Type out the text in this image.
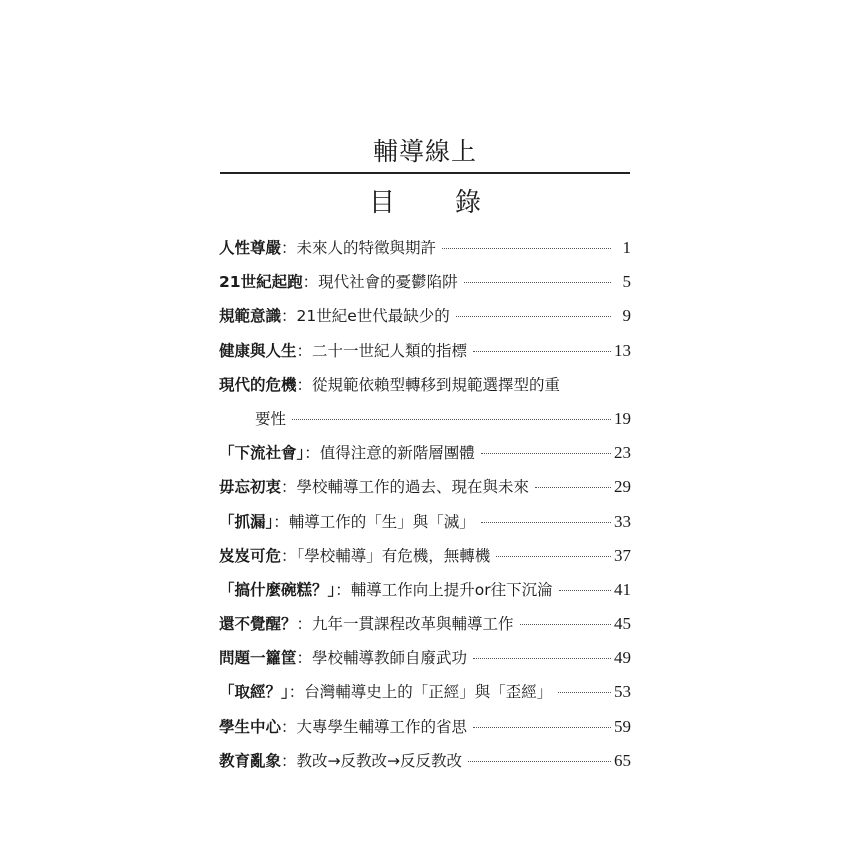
輔導線上
目 錄
人性尊嚴：未來人的特徵與期許	1
21世紀起跑：現代社會的憂鬱陷阱	5
規範意識：21世紀e世代最缺少的	9
健康與人生：二十一世紀人類的指標	13
現代的危機：從規範依賴型轉移到規範選擇型的重
要性	19
「下流社會」：值得注意的新階層團體	23
毋忘初衷：學校輔導工作的過去、現在與未來	29
「抓漏」：輔導工作的「生」與「滅」	33
岌岌可危：「學校輔導」有危機，無轉機	37
「搞什麼碗糕？」：輔導工作向上提升or往下沉淪	41
還不覺醒？：九年一貫課程改革與輔導工作	45
問題一籮筐：學校輔導教師自廢武功	49
「取經？」：台灣輔導史上的「正經」與「歪經」	53
學生中心：大專學生輔導工作的省思	59
教育亂象：教改→反教改→反反教改	65
